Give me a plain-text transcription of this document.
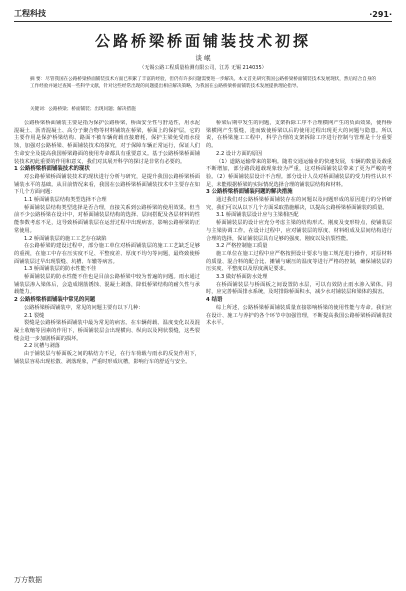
工程科技	·291·
公路桥梁桥面铺装技术初探
谈 岷
（无锡公路工程质量检测有限公司，江苏 无锡 214035）
摘 要：尽管我国在公路桥梁桥面铺装技术方面已积累了丰富的经验，但仍有许多问题需要进一步解决。本文首先研究我国公路桥梁桥面铺装技术发展现状，然后结合自身的工作经验并通过查阅一些科学文献，针对这些经常出现的问题提出相应解决策略，为我国在公路桥梁桥面铺装技术发展提供理论指导。
关键词：公路桥梁；桥面铺装；出现问题；解决措施

公路桥梁桥面铺装主要是指为保护公路桥梁，桥面安全性与舒适性，用水泥混凝土、沥青混凝土、高分子聚合物等材料铺筑在桥梁，桥面上的保护层，它的主要作用是保护桥梁结构、路面不被车辆荷载直接磨耗，保护主梁免受雨水侵蚀，加强对公路桥梁、桥面铺装技术的探究，对于保障车辆正常运行，保证人们生命安全及提高我国桥梁路面的使用寿命都具有重要意义。基于公路桥梁桥面铺装技术初此重要的作用和意义，我们对其展开科学的探讨是非常有必要的。

1 公路桥梁桥面铺装技术的现状

对公路桥梁桥面铺装技术的现状进行分析与研究，是提升我国公路桥梁桥面铺装水平的基础。从目前情况来看，我国在公路桥梁桥面铺装技术中主要存在如下几个方面问题：

1.1 桥面铺装层结构类型选择不合理

桥面铺装层结构类型选择是否合理，直接关系到公路桥梁的使用效果。但当前不少公路桥梁在设计中，对桥面铺装层结构的选择、层间搭配及各层材料的性能参数考虑不足，这导致桥面铺装层在运营过程中出现病害，影响公路桥梁的正常使用。

1.2 桥面铺装层的施工工艺存在缺陷

在公路桥梁的建设过程中，部分施工单位对桥面铺装层的施工工艺缺乏足够的重视，在施工中存在压实度不足、平整度差、厚度不均匀等问题，最终致使桥面铺装层过早出现裂缝、坑槽、车辙等病害。

1.3 桥面铺装层的防水性能不佳

桥面铺装层的防水性能不佳也是目前公路桥梁中较为普遍的问题。雨水通过铺装层渗入梁体后，会造成钢筋锈蚀、混凝土剥落，降低桥梁结构的耐久性与承载能力。

2 公路桥梁桥面铺装中常见的问题

公路桥梁桥面铺装中，常见的问题主要有以下几种：

2.1 裂缝

裂缝是公路桥梁桥面铺装中最为常见的病害。在车辆荷载、温度变化以及混凝土收缩等因素的作用下，桥面铺装层会出现横向、纵向以及网状裂缝，这些裂缝会进一步加剧桥面的损坏。

2.2 坑槽与剥落

由于铺装层与桥面板之间的粘结力不足，在行车荷载与雨水的反复作用下，铺装层容易出现松散、剥落现象，严重时形成坑槽，影响行车的舒适与安全。

桥梁后期中发生的问题，支架拆除工序不合理横网产生的负面效果，使得桥梁横网产生裂缝，进而致使桥梁以后的使用过程出现更大的问题与隐患。所以说，在桥梁施工工程中，科学合理的支架拆除工序进行控制与管理是十分重要的。

2.2 设计方面的原因

（1）道路运输带来的影响。随着交通运输业的快速发展，车辆的数量及载重不断增加，部分路段超载现象较为严重，这对桥面铺装层带来了更为严峻的考验。（2）桥面铺装层设计不合理。部分设计人员对桥面铺装层的受力特性认识不足，未能根据桥梁的实际情况选择合理的铺装层结构和材料。

3 公路桥梁桥面铺装问题的解决措施

通过我们对公路桥梁桥面铺装存在的问题以及问题形成的原因进行的分析研究，我们可以从以下几个方面采取措施解决，以提高公路桥梁桥面铺装的质量。

3.1 桥面铺装层设计应与主梁相匹配

桥面铺装层的设计应充分考虑主梁的结构形式、刚度及变形特点，使铺装层与主梁协调工作。在设计过程中，应对铺装层的厚度、材料组成及层间结构进行合理的选择，保证铺装层具有足够的强度、刚度以及抗裂性能。

3.2 严格控制施工质量

施工单位在施工过程中应严格按照设计要求与施工规范进行操作，对原材料的质量、混合料的配合比、摊铺与碾压的温度等进行严格的控制，确保铺装层的压实度、平整度以及厚度满足要求。

3.3 做好桥面防水处理

在桥面铺装层与桥面板之间设置防水层，可以有效防止雨水渗入梁体。同时，应完善桥面排水系统，及时排除桥面积水，减少水对铺装层和梁体的损害。

4 结语

综上所述，公路桥梁桥面铺装质量直接影响桥梁的使用性能与寿命。我们应在设计、施工与养护的各个环节中加强管理，不断提高我国公路桥梁桥面铺装技术水平。

万方数据
